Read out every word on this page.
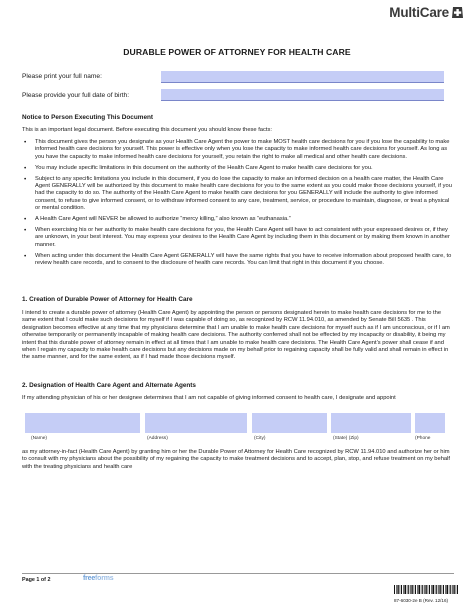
MultiCare
DURABLE POWER OF ATTORNEY FOR HEALTH CARE
Please print your full name:
Please provide your full date of birth:
Notice to Person Executing This Document
This is an important legal document. Before executing this document you should know these facts:
• This document gives the person you designate as your Health Care Agent the power to make MOST health care decisions for you if you lose the capability to make informed health care decisions for yourself. This power is effective only when you lose the capacity to make informed health care decisions for yourself. As long as you have the capacity to make informed health care decisions for yourself, you retain the right to make all medical and other health care decisions.
• You may include specific limitations in this document on the authority of the Health Care Agent to make health care decisions for you.
• Subject to any specific limitations you include in this document, if you do lose the capacity to make an informed decision on a health care matter, the Health Care Agent GENERALLY will be authorized by this document to make health care decisions for you to the same extent as you could make those decisions yourself, if you had the capacity to do so. The authority of the Health Care Agent to make health care decisions for you GENERALLY will include the authority to give informed consent, to refuse to give informed consent, or to withdraw informed consent to any care, treatment, service, or procedure to maintain, diagnose, or treat a physical or mental condition.
• A Health Care Agent will NEVER be allowed to authorize “mercy killing,” also known as “euthanasia.”
• When exercising his or her authority to make health care decisions for you, the Health Care Agent will have to act consistent with your expressed desires or, if they are unknown, in your best interest. You may express your desires to the Health Care Agent by including them in this document or by making them known in another manner.
• When acting under this document the Health Care Agent GENERALLY will have the same rights that you have to receive information about proposed health care, to review health care records, and to consent to the disclosure of health care records. You can limit that right in this document if you choose.
1. Creation of Durable Power of Attorney for Health Care
I intend to create a durable power of attorney (Health Care Agent) by appointing the person or persons designated herein to make health care decisions for me to the same extent that I could make such decisions for myself if I was capable of doing so, as recognized by RCW 11.94.010, as amended by Senate Bill 5635 . This designation becomes effective at any time that my physicians determine that I am unable to make health care decisions for myself such as if I am unconscious, or if I am otherwise temporarily or permanently incapable of making health care decisions. The authority conferred shall not be effected by my incapacity or disability, it being my intent that this durable power of attorney remain in effect at all times that I am unable to make health care decisions. The Health Care Agent’s power shall cease if and when I regain my capacity to make health care decisions but any decisions made on my behalf prior to regaining capacity shall be fully valid and shall remain in effect in the same manner, and for the same extent, as if I had made those decisions myself.
2. Designation of Health Care Agent and Alternate Agents
If my attending physician of his or her designee determines that I am not capable of giving informed consent to health care, I designate and appoint
(Name)	(Address)	(City)	(State) (Zip)	(Phone
as my attorney-in-fact (Health Care Agent) by granting him or her the Durable Power of Attorney for Health Care recognized by RCW 11.94.010 and authorize her or him to consult with my physicians about the possibility of my regaining the capacity to make treatment decisions and to accept, plan, stop, and refuse treatment on my behalf with the treating physicians and health care
Page 1 of 2	freeforms
87-6030-2e B (Rev. 12/16)
